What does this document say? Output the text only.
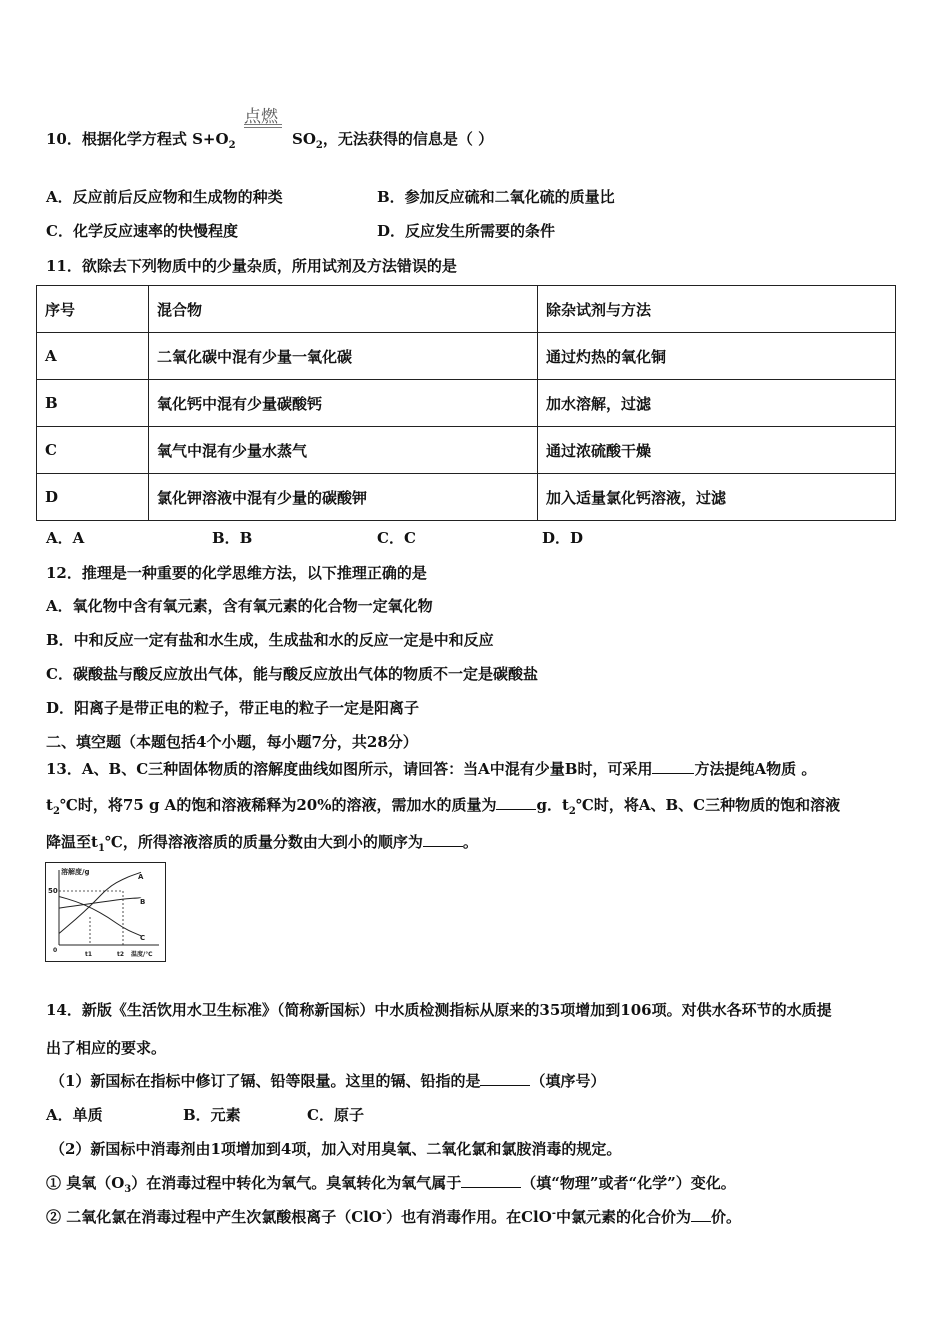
10．根据化学方程式 $S+O_2$	$SO_2$，无法获得的信息是（ ）
点燃
A．反应前后反应物和生成物的种类	B．参加反应硫和二氧化硫的质量比
C．化学反应速率的快慢程度	D．反应发生所需要的条件
11．欲除去下列物质中的少量杂质，所用试剂及方法错误的是
序号	混合物	除杂试剂与方法
A	二氧化碳中混有少量一氧化碳	通过灼热的氧化铜
B	氧化钙中混有少量碳酸钙	加水溶解，过滤
C	氧气中混有少量水蒸气	通过浓硫酸干燥
D	氯化钾溶液中混有少量的碳酸钾	加入适量氯化钙溶液，过滤
A．A	B．B	C．C	D．D
12．推理是一种重要的化学思维方法，以下推理正确的是
A．氧化物中含有氧元素，含有氧元素的化合物一定氧化物
B．中和反应一定有盐和水生成，生成盐和水的反应一定是中和反应
C．碳酸盐与酸反应放出气体，能与酸反应放出气体的物质不一定是碳酸盐
D．阳离子是带正电的粒子，带正电的粒子一定是阳离子
二、填空题（本题包括4个小题，每小题7分，共28分）
13．A、B、C三种固体物质的溶解度曲线如图所示，请回答：当A中混有少量B时，可采用	方法提纯A物质 。
$t_2℃$时，将75 g A的饱和溶液稀释为20%的溶液，需加水的质量为	g．$t_2℃$时，将A、B、C三种物质的饱和溶液
降温至$t_1℃$，所得溶液溶质的质量分数由大到小的顺序为	。
溶解度/g
温度/℃
50
0
t1	t2
A
B
C
14．新版《生活饮用水卫生标准》（简称新国标）中水质检测指标从原来的35项增加到106项。对供水各环节的水质提
出了相应的要求。
（1）新国标在指标中修订了镉、铅等限量。这里的镉、铅指的是	（填序号）
A．单质	B．元素	C．原子
（2）新国标中消毒剂由1项增加到4项，加入对用臭氧、二氧化氯和氯胺消毒的规定。
① 臭氧$(O_3)$在消毒过程中转化为氧气。臭氧转化为氧气属于	（填“物理”或者“化学”）变化。
② 二氧化氯在消毒过程中产生次氯酸根离子（ClO-）也有消毒作用。在ClO-中氯元素的化合价为 价。
